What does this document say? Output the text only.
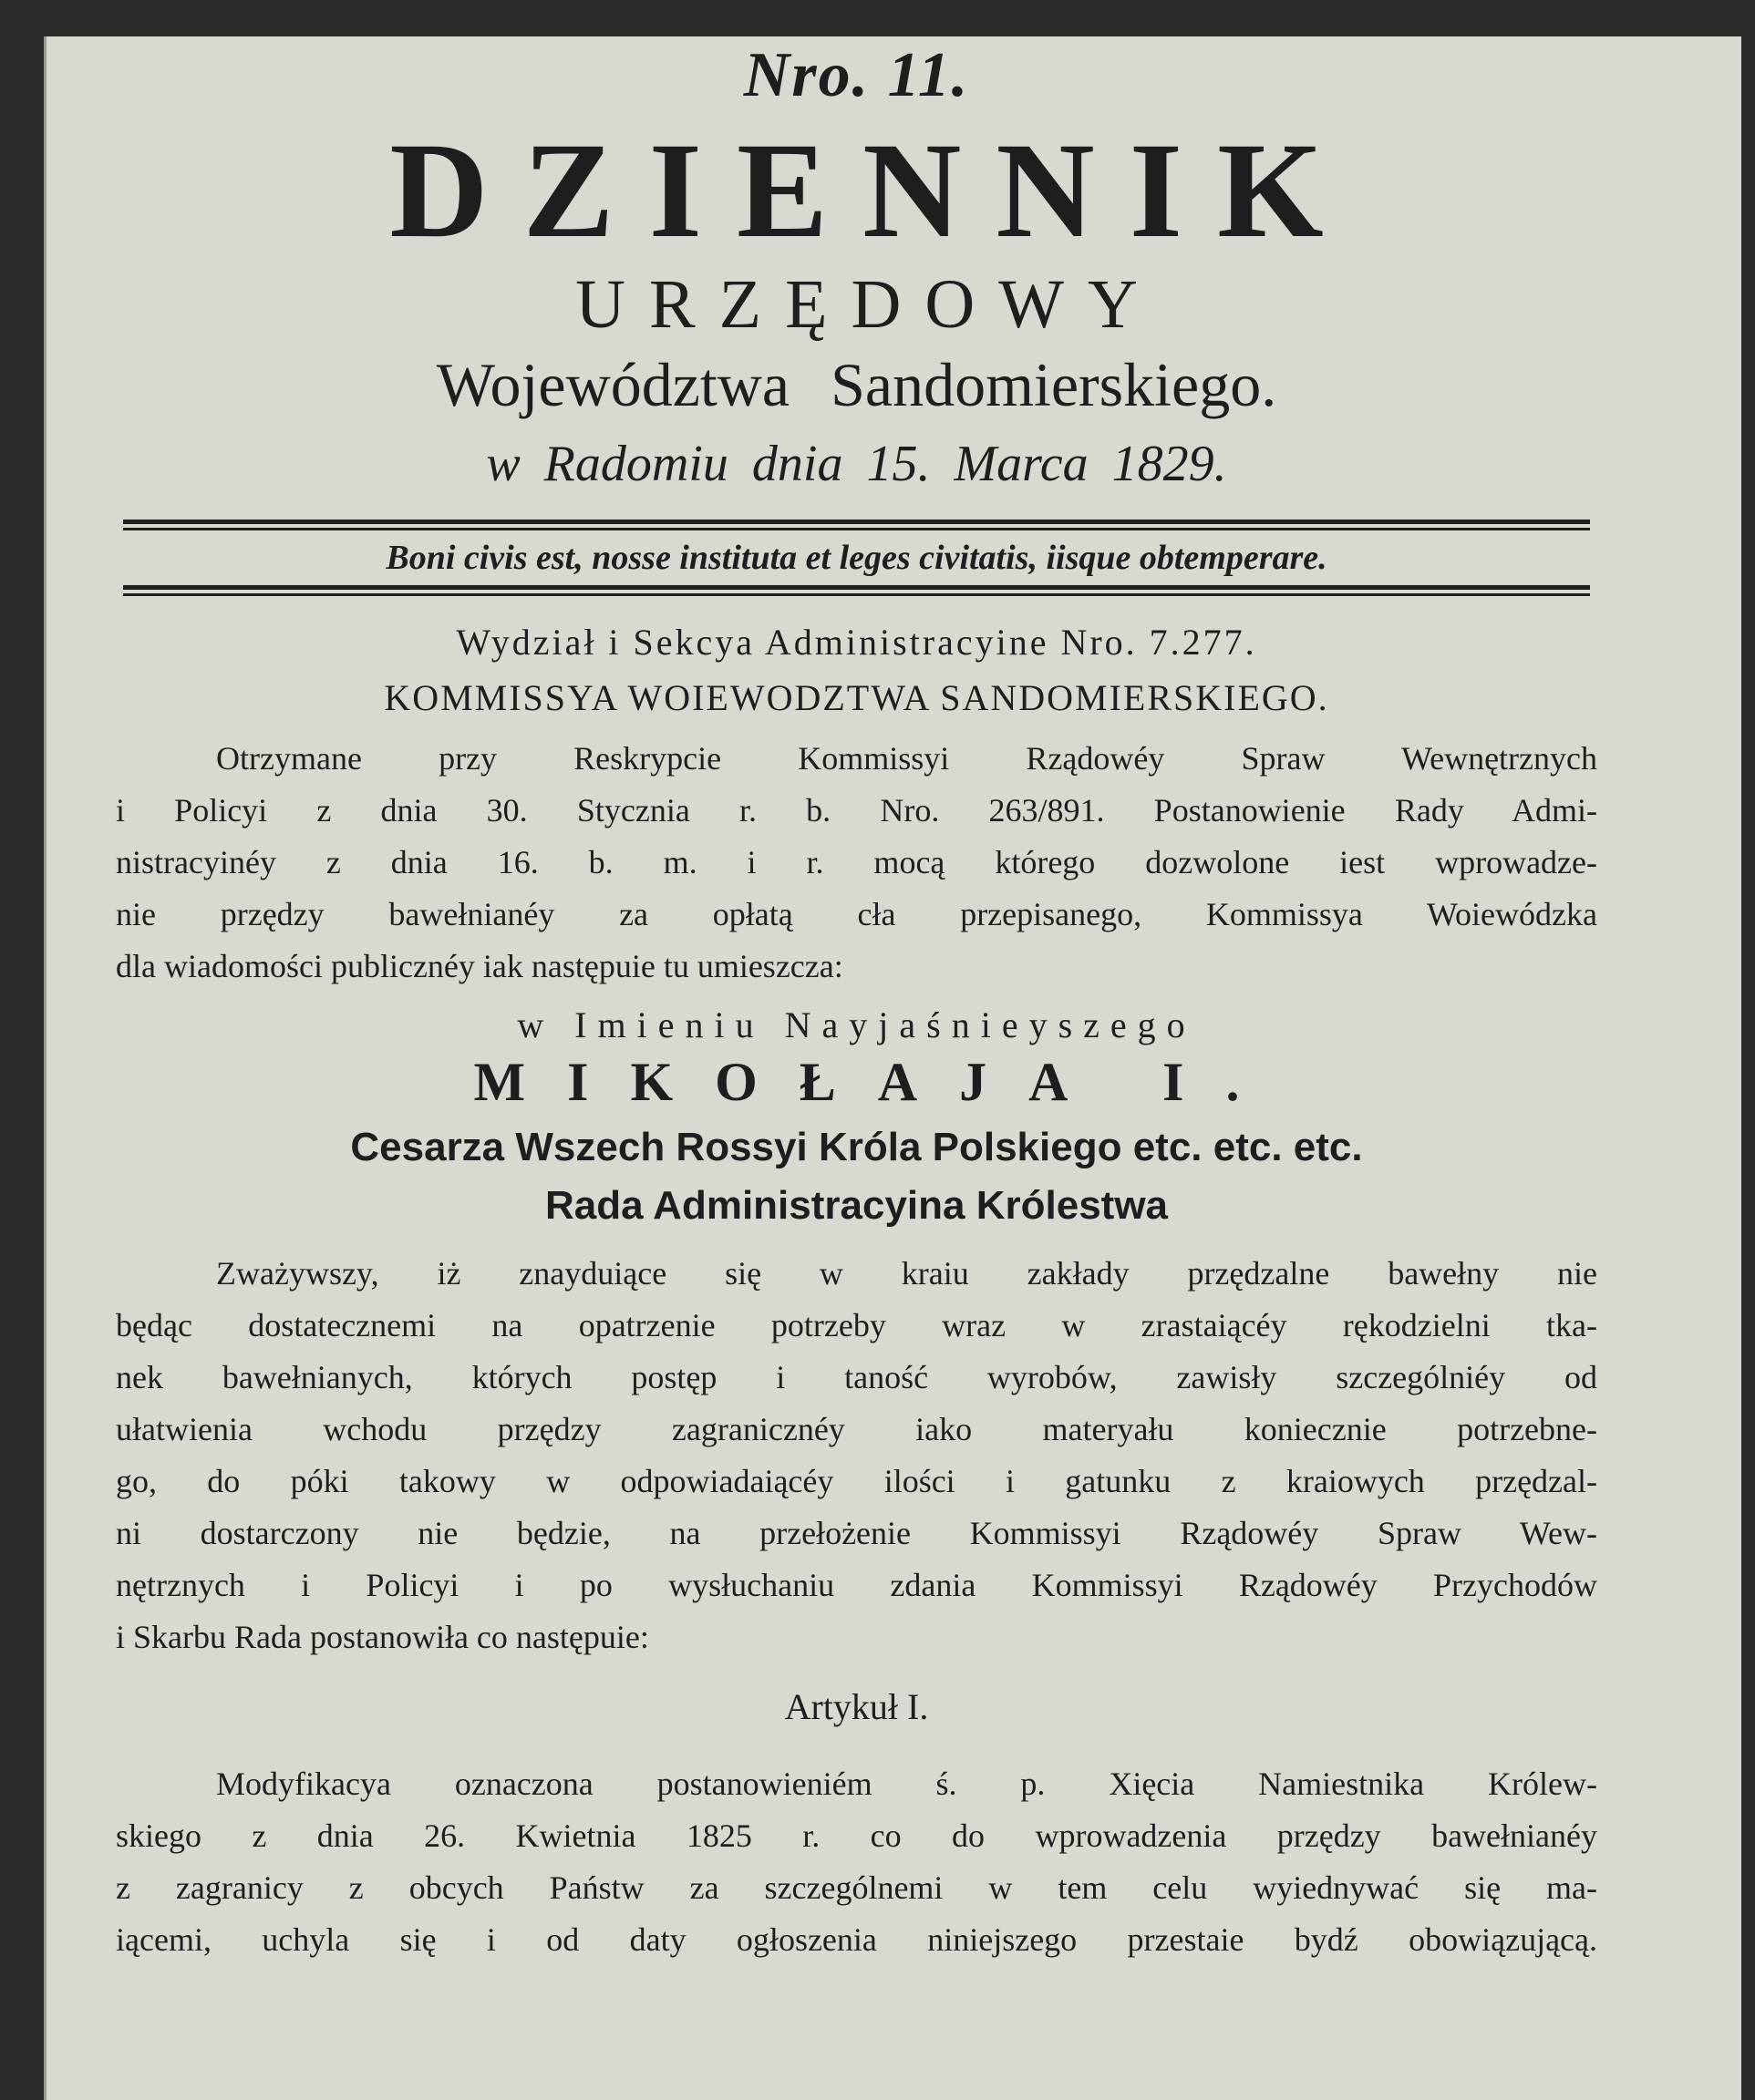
Nro. 11.
DZIENNIK
URZĘDOWY
Województwa Sandomierskiego.
w Radomiu dnia 15. Marca 1829.
Boni civis est, nosse instituta et leges civitatis, iisque obtemperare.
Wydział i Sekcya Administracyine Nro. 7.277.
KOMMISSYA WOIEWODZTWA SANDOMIERSKIEGO.
Otrzymane przy Reskrypcie Kommissyi Rządowéy Spraw Wewnętrznych
i Policyi z dnia 30. Stycznia r. b. Nro. 263/891. Postanowienie Rady Admi-
nistracyinéy z dnia 16. b. m. i r. mocą którego dozwolone iest wprowadze-
nie przędzy bawełnianéy za opłatą cła przepisanego, Kommissya Woiewódzka
dla wiadomości publicznéy iak następuie tu umieszcza:
w Imieniu Nayjaśnieyszego
MIKOŁAJA I.
Cesarza Wszech Rossyi Króla Polskiego etc. etc. etc.
Rada Administracyina Królestwa
Zważywszy, iż znayduiące się w kraiu zakłady przędzalne bawełny nie
będąc dostatecznemi na opatrzenie potrzeby wraz w zrastaiącéy rękodzielni tka-
nek bawełnianych, których postęp i taność wyrobów, zawisły szczególniéy od
ułatwienia wchodu przędzy zagranicznéy iako materyału koniecznie potrzebne-
go, do póki takowy w odpowiadaiącéy ilości i gatunku z kraiowych przędzal-
ni dostarczony nie będzie, na przełożenie Kommissyi Rządowéy Spraw Wew-
nętrznych i Policyi i po wysłuchaniu zdania Kommissyi Rządowéy Przychodów
i Skarbu Rada postanowiła co następuie:
Artykuł I.
Modyfikacya oznaczona postanowieniém ś. p. Xięcia Namiestnika Królew-
skiego z dnia 26. Kwietnia 1825 r. co do wprowadzenia przędzy bawełnianéy
z zagranicy z obcych Państw za szczególnemi w tem celu wyiednywać się ma-
iącemi, uchyla się i od daty ogłoszenia niniejszego przestaie bydź obowiązującą.
